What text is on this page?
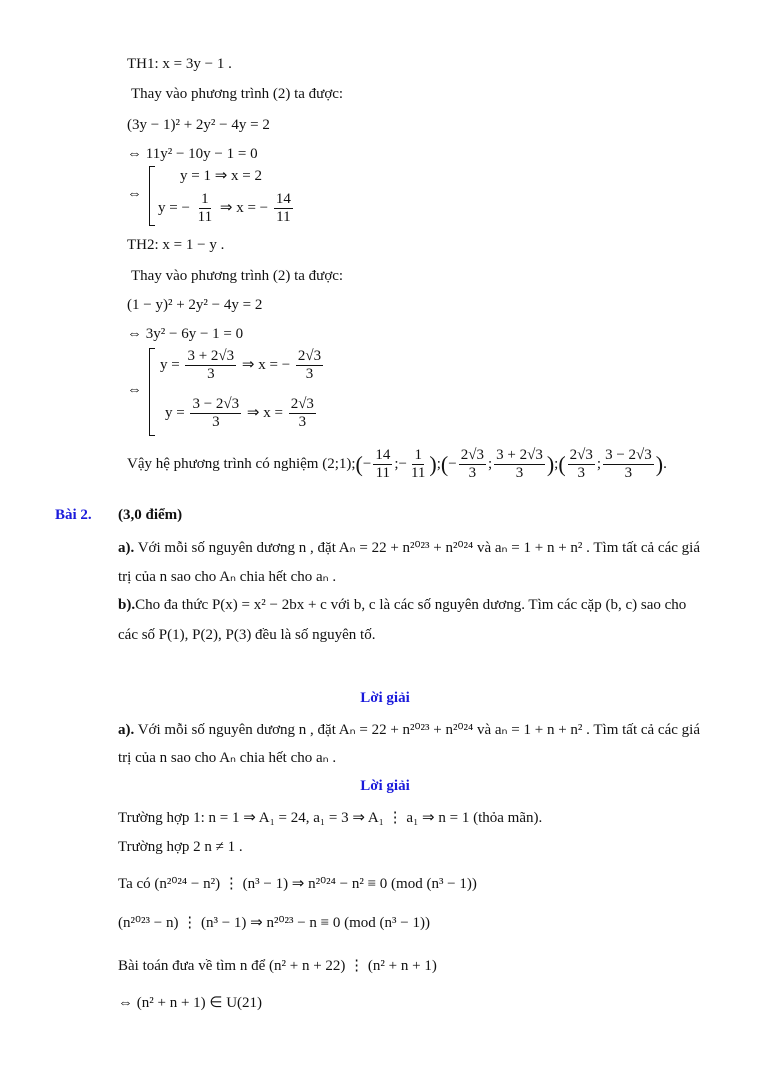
TH1: x = 3y − 1 .
Thay vào phương trình (2) ta được:
(3y − 1)² + 2y² − 4y = 2
⇔ 11y² − 10y − 1 = 0
⇔
y = 1 ⇒ x = 2
y = − $\frac{1}{11}$ ⇒ x = − $\frac{14}{11}$
TH2: x = 1 − y .
Thay vào phương trình (2) ta được:
(1 − y)² + 2y² − 4y = 2
⇔ 3y² − 6y − 1 = 0
⇔
$y = \frac{3 + 2√3}{3}$ ⇒ x = − $\frac{2√3}{3}$
$y = \frac{3 - 2√3}{3}$ ⇒ $x = \frac{2√3}{3}$
Vậy hệ phương trình có nghiệm (2;1);(− $\frac{14}{11}$ ;− $\frac{1}{11}$ );(− $\frac{2√3}{3}$ ; $\frac{3 + 2√3}{3}$ );( $\frac{2√3}{3}$ ; $\frac{3 - 2√3}{3}$ ).
Bài 2. (3,0 điểm)
a). Với mỗi số nguyên dương n , đặt Aₙ = 22 + n²⁰²³ + n²⁰²⁴ và aₙ = 1 + n + n² . Tìm tất cả các giá
trị của n sao cho Aₙ chia hết cho aₙ .
b).Cho đa thức P(x) = x² − 2bx + c với b, c là các số nguyên dương. Tìm các cặp (b, c) sao cho
các số P(1), P(2), P(3) đều là số nguyên tố.
Lời giải
a). Với mỗi số nguyên dương n , đặt Aₙ = 22 + n²⁰²³ + n²⁰²⁴ và aₙ = 1 + n + n² . Tìm tất cả các giá
trị của n sao cho Aₙ chia hết cho aₙ .
Lời giải
Trường hợp 1: n = 1 ⇒ A₁ = 24, a₁ = 3 ⇒ A₁ ⋮ a₁ ⇒ n = 1 (thỏa mãn).
Trường hợp 2 n ≠ 1 .
Ta có (n²⁰²⁴ − n²) ⋮ (n³ − 1) ⇒ n²⁰²⁴ − n² ≡ 0 (mod (n³ − 1))
(n²⁰²³ − n) ⋮ (n³ − 1) ⇒ n²⁰²³ − n ≡ 0 (mod (n³ − 1))
Bài toán đưa về tìm n để (n² + n + 22) ⋮ (n² + n + 1)
⇔ (n² + n + 1) ∈ U(21)
